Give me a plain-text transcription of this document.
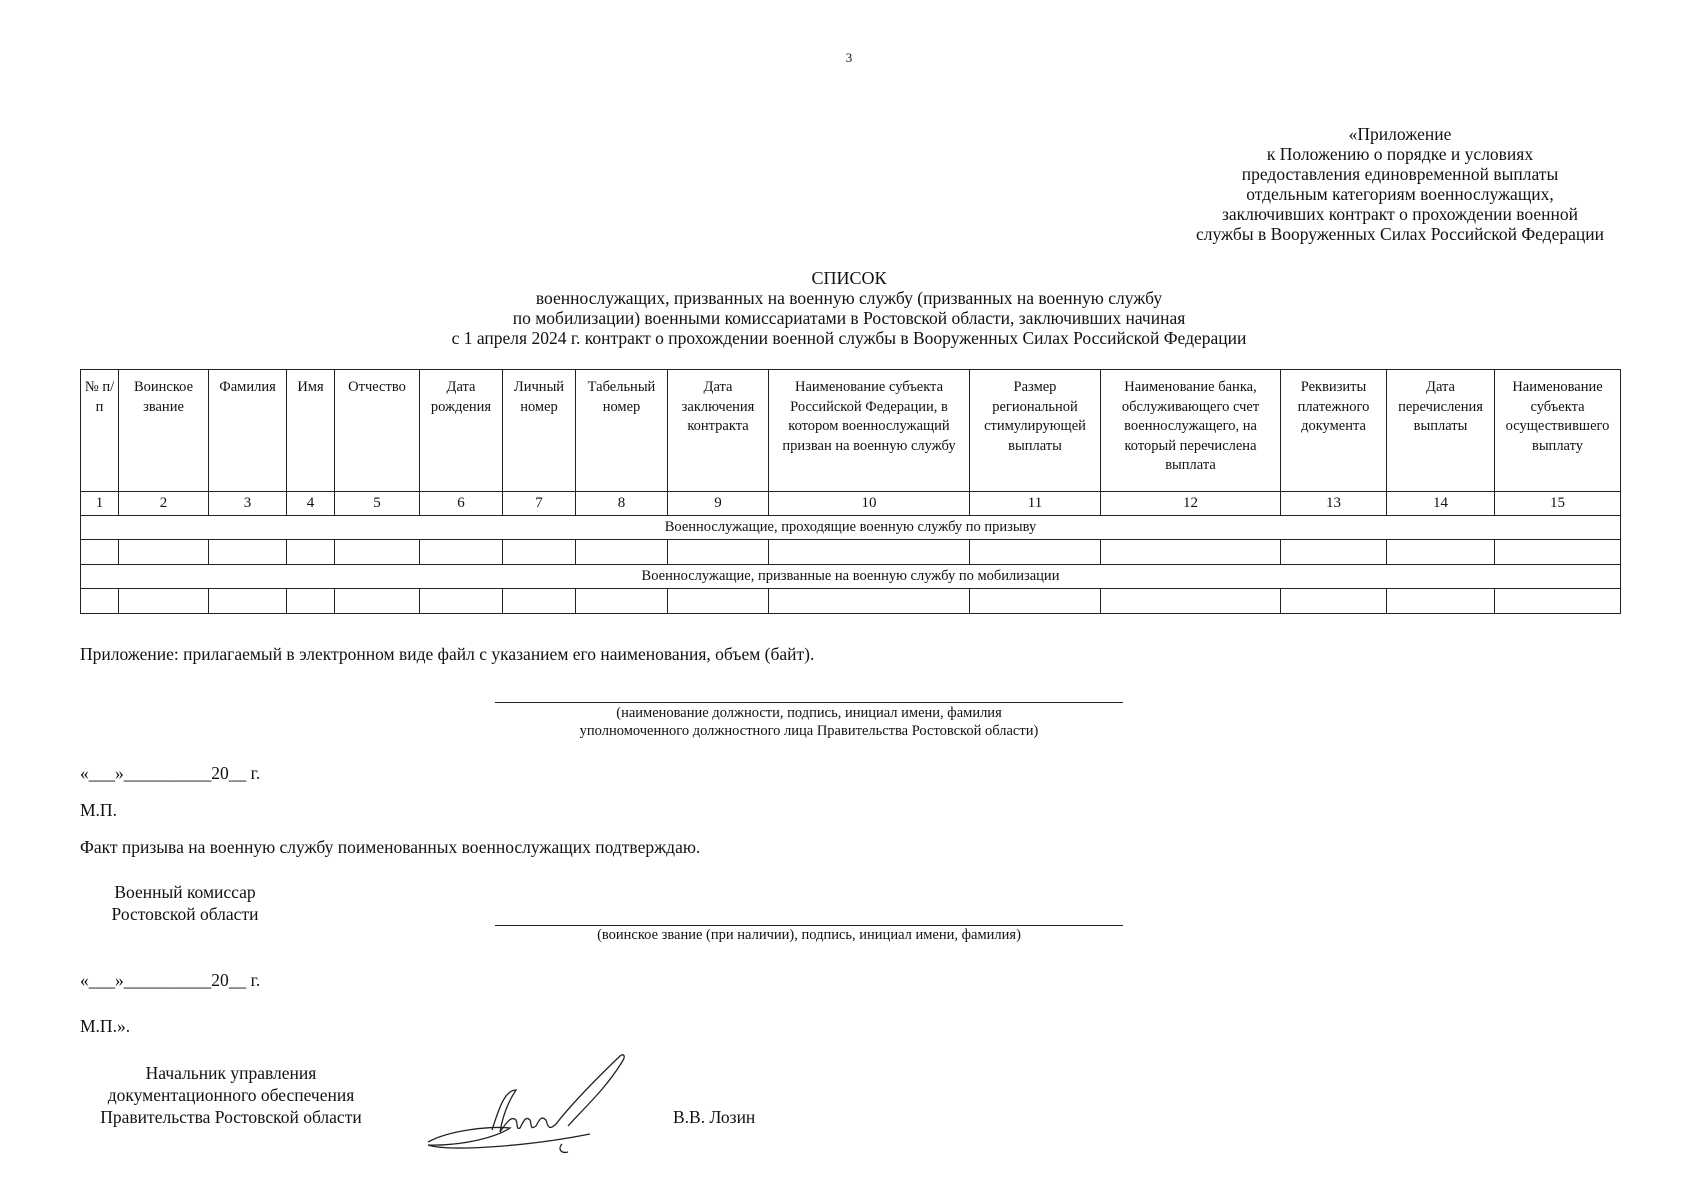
3
«Приложение
к Положению о порядке и условиях
предоставления единовременной выплаты
отдельным категориям военнослужащих,
заключивших контракт о прохождении военной
службы в Вооруженных Силах Российской Федерации
СПИСОК
военнослужащих, призванных на военную службу (призванных на военную службу
по мобилизации) военными комиссариатами в Ростовской области, заключивших начиная
с 1 апреля 2024 г. контракт о прохождении военной службы в Вооруженных Силах Российской Федерации
№ п/п	Воинское звание	Фамилия	Имя	Отчество	Дата рождения	Личный номер	Табельный номер	Дата заключения контракта	Наименование субъекта Российской Федерации, в котором военнослужащий призван на военную службу	Размер региональной стимулирующей выплаты	Наименование банка, обслуживающего счет военнослужащего, на который перечислена выплата	Реквизиты платежного документа	Дата перечисления выплаты	Наименование субъекта осуществившего выплату

1	2	3	4	5	6	7	8	9	10	11	12	13	14	15
Военнослужащие, проходящие военную службу по призыву														

Военнослужащие, призванные на военную службу по мобилизации														

Приложение: прилагаемый в электронном виде файл с указанием его наименования, объем (байт).
(наименование должности, подпись, инициал имени, фамилия
уполномоченного должностного лица Правительства Ростовской области)
«___»__________20__ г.
М.П.
Факт призыва на военную службу поименованных военнослужащих подтверждаю.
Военный комиссар
Ростовской области
(воинское звание (при наличии), подпись, инициал имени, фамилия)
«___»__________20__ г.
М.П.».
Начальник управления
документационного обеспечения
Правительства Ростовской области	В.В. Лозин
